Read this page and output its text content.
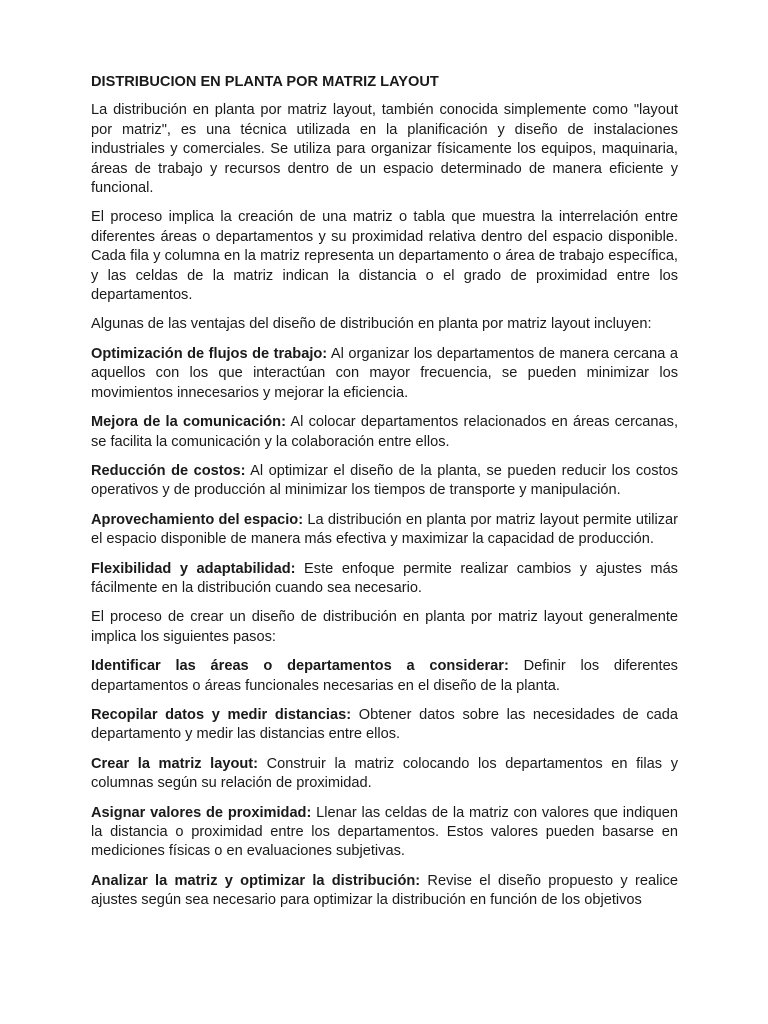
DISTRIBUCION EN PLANTA POR MATRIZ LAYOUT

La distribución en planta por matriz layout, también conocida simplemente como "layout por matriz", es una técnica utilizada en la planificación y diseño de instalaciones industriales y comerciales. Se utiliza para organizar físicamente los equipos, maquinaria, áreas de trabajo y recursos dentro de un espacio determinado de manera eficiente y funcional.

El proceso implica la creación de una matriz o tabla que muestra la interrelación entre diferentes áreas o departamentos y su proximidad relativa dentro del espacio disponible. Cada fila y columna en la matriz representa un departamento o área de trabajo específica, y las celdas de la matriz indican la distancia o el grado de proximidad entre los departamentos.

Algunas de las ventajas del diseño de distribución en planta por matriz layout incluyen:

Optimización de flujos de trabajo: Al organizar los departamentos de manera cercana a aquellos con los que interactúan con mayor frecuencia, se pueden minimizar los movimientos innecesarios y mejorar la eficiencia.

Mejora de la comunicación: Al colocar departamentos relacionados en áreas cercanas, se facilita la comunicación y la colaboración entre ellos.

Reducción de costos: Al optimizar el diseño de la planta, se pueden reducir los costos operativos y de producción al minimizar los tiempos de transporte y manipulación.

Aprovechamiento del espacio: La distribución en planta por matriz layout permite utilizar el espacio disponible de manera más efectiva y maximizar la capacidad de producción.

Flexibilidad y adaptabilidad: Este enfoque permite realizar cambios y ajustes más fácilmente en la distribución cuando sea necesario.

El proceso de crear un diseño de distribución en planta por matriz layout generalmente implica los siguientes pasos:

Identificar las áreas o departamentos a considerar: Definir los diferentes departamentos o áreas funcionales necesarias en el diseño de la planta.

Recopilar datos y medir distancias: Obtener datos sobre las necesidades de cada departamento y medir las distancias entre ellos.

Crear la matriz layout: Construir la matriz colocando los departamentos en filas y columnas según su relación de proximidad.

Asignar valores de proximidad: Llenar las celdas de la matriz con valores que indiquen la distancia o proximidad entre los departamentos. Estos valores pueden basarse en mediciones físicas o en evaluaciones subjetivas.

Analizar la matriz y optimizar la distribución: Revise el diseño propuesto y realice ajustes según sea necesario para optimizar la distribución en función de los objetivos
